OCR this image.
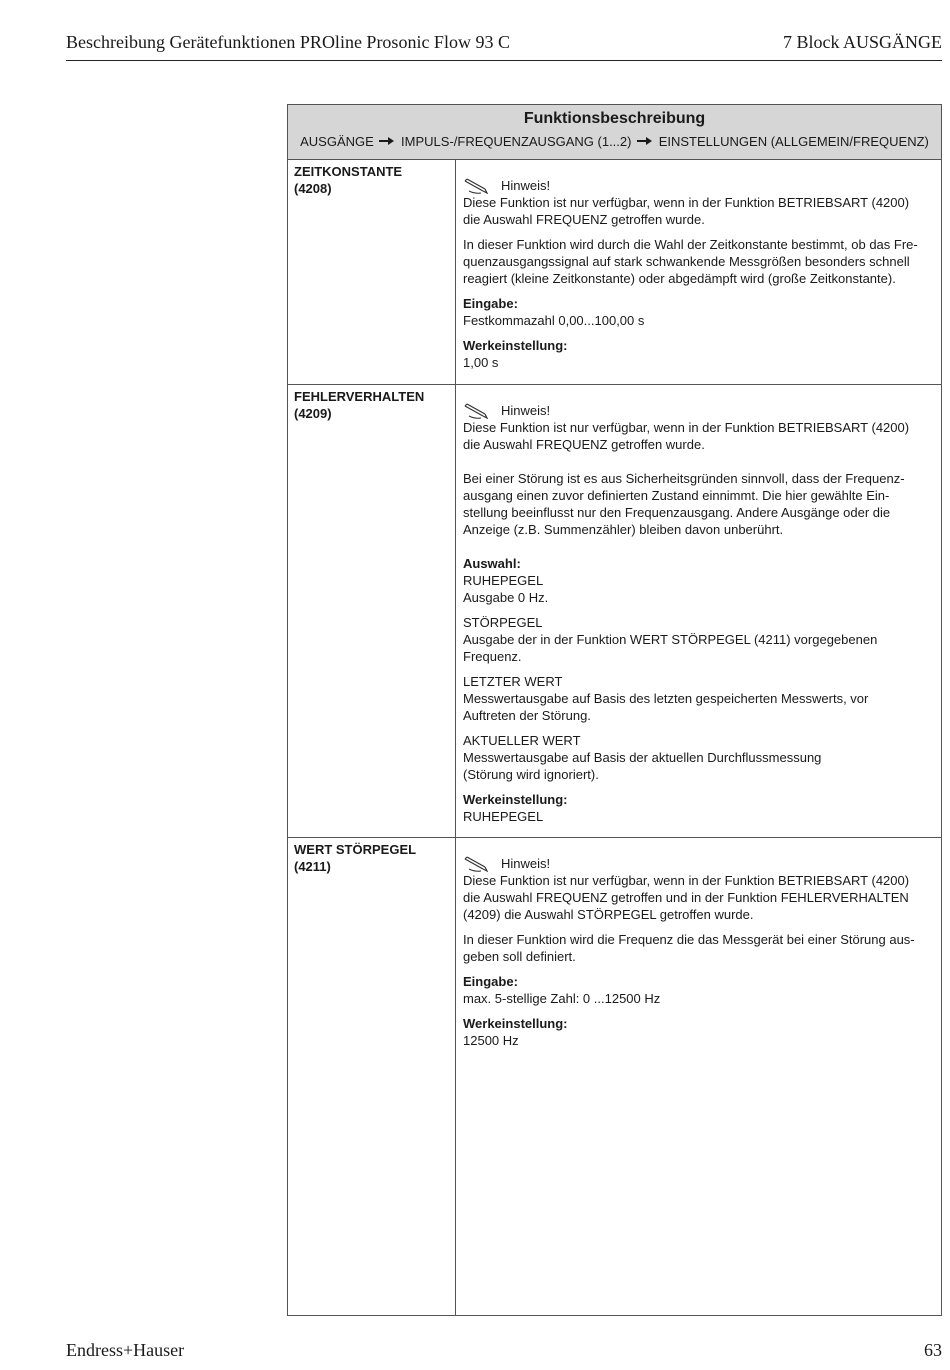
Beschreibung Gerätefunktionen PROline Prosonic Flow 93 C	7 Block AUSGÄNGE
Funktionsbeschreibung
AUSGÄNGE IMPULS-/FREQUENZAUSGANG (1...2) EINSTELLUNGEN (ALLGEMEIN/FREQUENZ)
ZEITKONSTANTE
(4208)	Hinweis!

Diese Funktion ist nur verfügbar, wenn in der Funktion BETRIEBSART (4200)
die Auswahl FREQUENZ getroffen wurde.

In dieser Funktion wird durch die Wahl der Zeitkonstante bestimmt, ob das Fre-
quenzausgangssignal auf stark schwankende Messgrößen besonders schnell
reagiert (kleine Zeitkonstante) oder abgedämpft wird (große Zeitkonstante).

Eingabe:
Festkommazahl 0,00...100,00 s

Werkeinstellung:
1,00 s

FEHLERVERHALTEN
(4209)	Hinweis!

Diese Funktion ist nur verfügbar, wenn in der Funktion BETRIEBSART (4200)
die Auswahl FREQUENZ getroffen wurde.

Bei einer Störung ist es aus Sicherheitsgründen sinnvoll, dass der Frequenz-
ausgang einen zuvor definierten Zustand einnimmt. Die hier gewählte Ein-
stellung beeinflusst nur den Frequenzausgang. Andere Ausgänge oder die
Anzeige (z.B. Summenzähler) bleiben davon unberührt.

Auswahl:
RUHEPEGEL
Ausgabe 0 Hz.

STÖRPEGEL
Ausgabe der in der Funktion WERT STÖRPEGEL (4211) vorgegebenen
Frequenz.

LETZTER WERT
Messwertausgabe auf Basis des letzten gespeicherten Messwerts, vor
Auftreten der Störung.

AKTUELLER WERT
Messwertausgabe auf Basis der aktuellen Durchflussmessung
(Störung wird ignoriert).

Werkeinstellung:
RUHEPEGEL

WERT STÖRPEGEL
(4211)	Hinweis!

Diese Funktion ist nur verfügbar, wenn in der Funktion BETRIEBSART (4200)
die Auswahl FREQUENZ getroffen und in der Funktion FEHLERVERHALTEN
(4209) die Auswahl STÖRPEGEL getroffen wurde.

In dieser Funktion wird die Frequenz die das Messgerät bei einer Störung aus-
geben soll definiert.

Eingabe:
max. 5-stellige Zahl: 0 ...12500 Hz

Werkeinstellung:
12500 Hz

Endress+Hauser	63
